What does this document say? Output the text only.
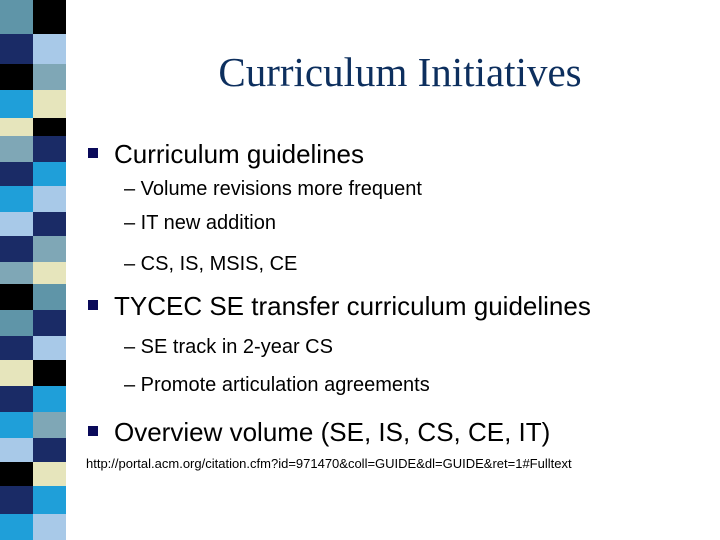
Curriculum Initiatives
Curriculum guidelines
– Volume revisions more frequent
– IT new addition
– CS, IS, MSIS, CE
TYCEC SE transfer curriculum guidelines
– SE track in 2-year CS
– Promote articulation agreements
Overview volume (SE, IS, CS, CE, IT)
http://portal.acm.org/citation.cfm?id=971470&coll=GUIDE&dl=GUIDE&ret=1#Fulltext
